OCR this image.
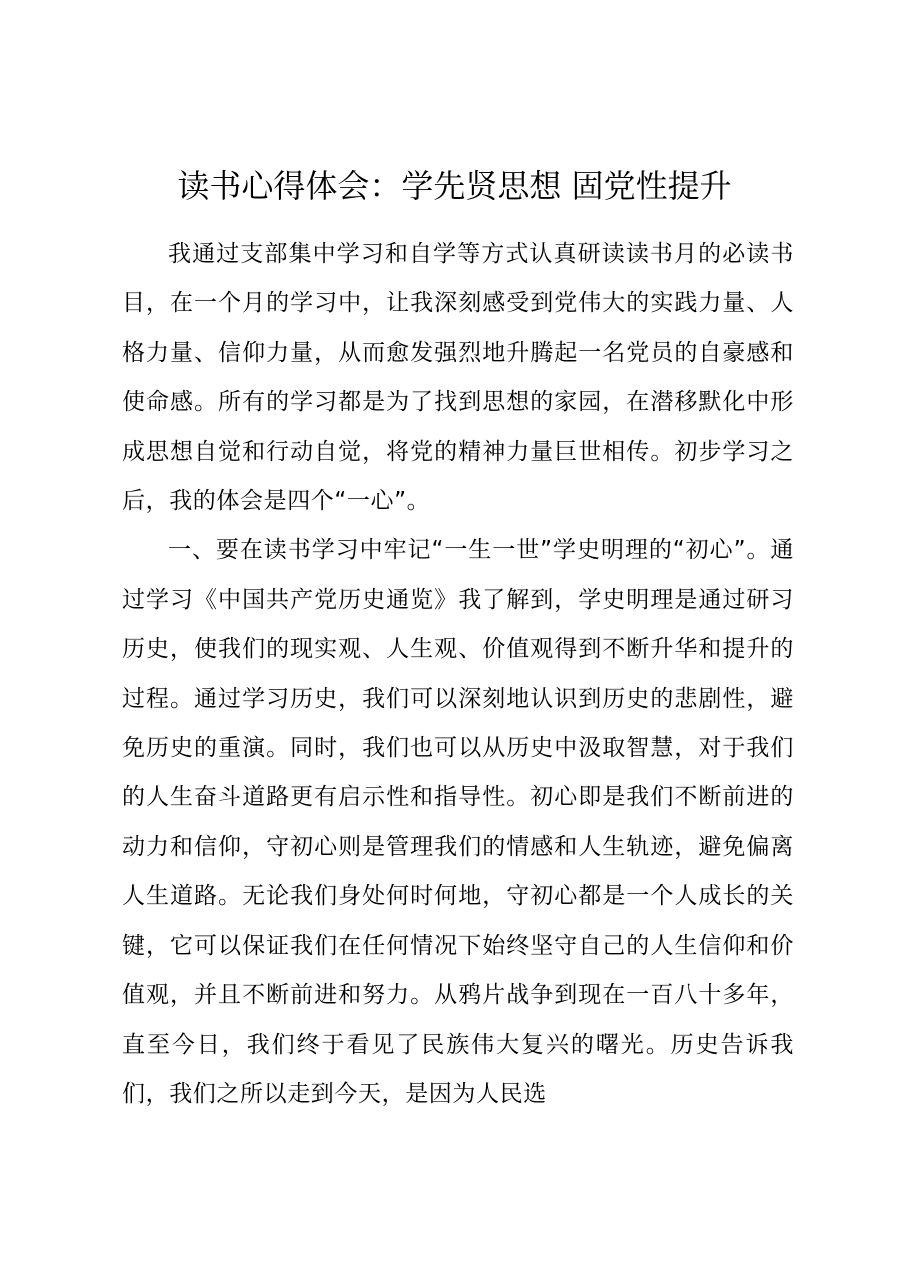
读书心得体会：学先贤思想 固党性提升

我通过支部集中学习和自学等方式认真研读读书月的必读书目，在一个月的学习中，让我深刻感受到党伟大的实践力量、人格力量、信仰力量，从而愈发强烈地升腾起一名党员的自豪感和使命感。所有的学习都是为了找到思想的家园，在潜移默化中形成思想自觉和行动自觉，将党的精神力量巨世相传。初步学习之后，我的体会是四个“一心”。

一、要在读书学习中牢记“一生一世”学史明理的“初心”。通过学习《中国共产党历史通览》我了解到，学史明理是通过研习历史，使我们的现实观、人生观、价值观得到不断升华和提升的过程。通过学习历史，我们可以深刻地认识到历史的悲剧性，避免历史的重演。同时，我们也可以从历史中汲取智慧，对于我们的人生奋斗道路更有启示性和指导性。初心即是我们不断前进的动力和信仰，守初心则是管理我们的情感和人生轨迹，避免偏离人生道路。无论我们身处何时何地，守初心都是一个人成长的关键，它可以保证我们在任何情况下始终坚守自己的人生信仰和价值观，并且不断前进和努力。从鸦片战争到现在一百八十多年，直至今日，我们终于看见了民族伟大复兴的曙光。历史告诉我们，我们之所以走到今天，是因为人民选
